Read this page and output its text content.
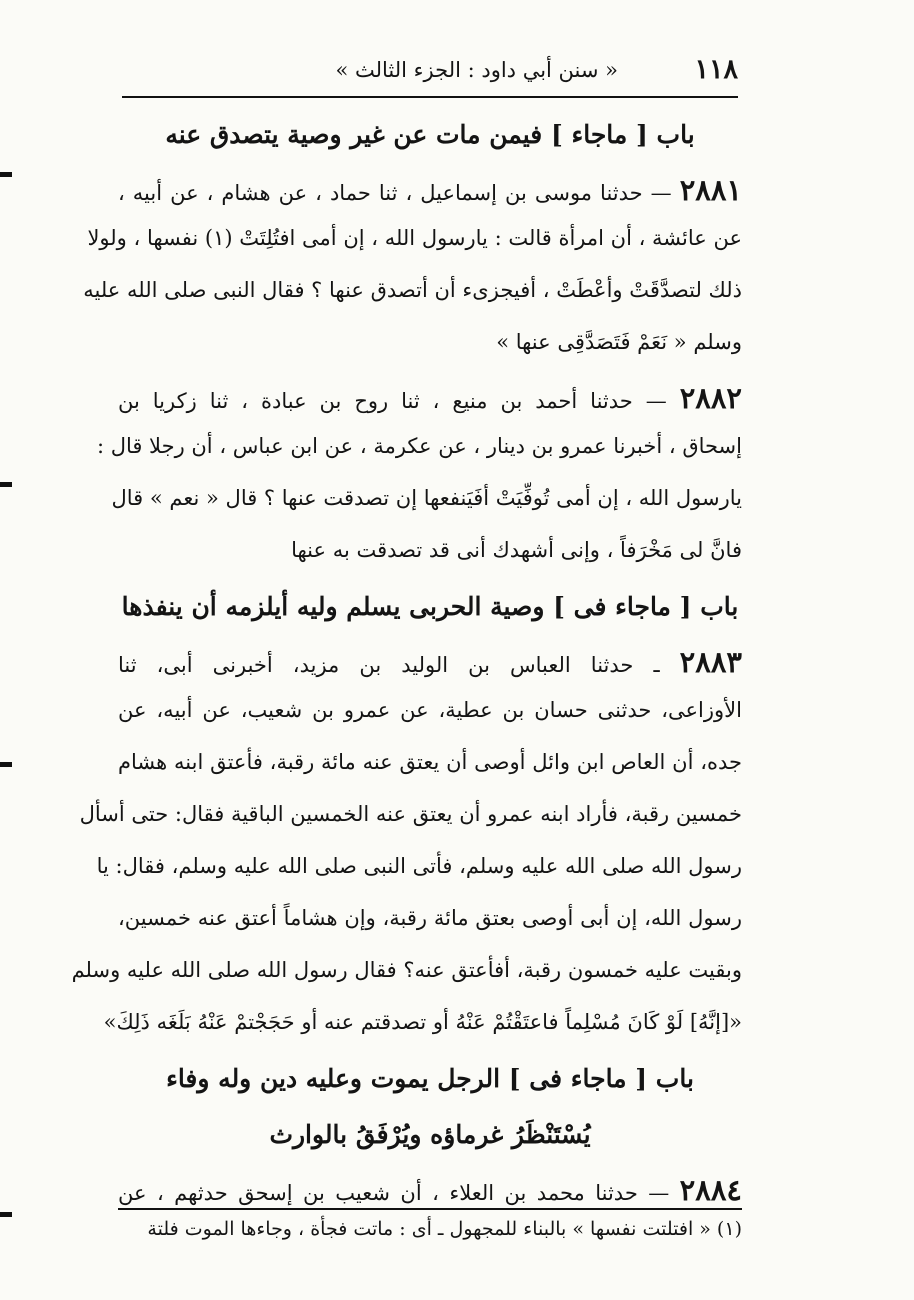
١١٨
« سنن أبي داود : الجزء الثالث »
باب [ ماجاء ] فيمن مات عن غير وصية يتصدق عنه
٢٨٨١ — حدثنا موسى بن إسماعيل ، ثنا حماد ، عن هشام ، عن أبيه ،
عن عائشة ، أن امرأة قالت : يارسول الله ، إن أمى افتُلِتَتْ (١) نفسها ، ولولا
ذلك لتصدَّقَتْ وأعْطَتْ ، أفيجزىء أن أتصدق عنها ؟ فقال النبى صلى الله عليه
وسلم « نَعَمْ فَتَصَدَّقِى عنها »
٢٨٨٢ — حدثنا أحمد بن منيع ، ثنا روح بن عبادة ، ثنا زكريا بن
إسحاق ، أخبرنا عمرو بن دينار ، عن عكرمة ، عن ابن عباس ، أن رجلا قال :
يارسول الله ، إن أمى تُوفِّيَتْ أفَيَنفعها إن تصدقت عنها ؟ قال « نعم » قال
فانَّ لى مَخْرَفاً ، وإنى أشهدك أنى قد تصدقت به عنها
باب [ ماجاء فى ] وصية الحربى يسلم وليه أيلزمه أن ينفذها
٢٨٨٣ ـ حدثنا العباس بن الوليد بن مزيد، أخبرنى أبى، ثنا
الأوزاعى، حدثنى حسان بن عطية، عن عمرو بن شعيب، عن أبيه، عن
جده، أن العاص ابن وائل أوصى أن يعتق عنه مائة رقبة، فأعتق ابنه هشام
خمسين رقبة، فأراد ابنه عمرو أن يعتق عنه الخمسين الباقية فقال: حتى أسأل
رسول الله صلى الله عليه وسلم، فأتى النبى صلى الله عليه وسلم، فقال: يا
رسول الله، إن أبى أوصى بعتق مائة رقبة، وإن هشاماً أعتق عنه خمسين،
وبقيت عليه خمسون رقبة، أفأعتق عنه؟ فقال رسول الله صلى الله عليه وسلم
«[إنَّهُ] لَوْ كَانَ مُسْلِماً فاعتَقْتُمْ عَنْهُ أو تصدقتم عنه أو حَجَجْتمْ عَنْهُ بَلَغَه ذَلِكَ»
باب [ ماجاء فى ] الرجل يموت وعليه دين وله وفاء
يُسْتَنْظَرُ غرماؤه ويُرْفَقُ بالوارث
٢٨٨٤ — حدثنا محمد بن العلاء ، أن شعيب بن إسحق حدثهم ، عن
(١) « افتلتت نفسها » بالبناء للمجهول ـ أى : ماتت فجأة ، وجاءها الموت فلتة
